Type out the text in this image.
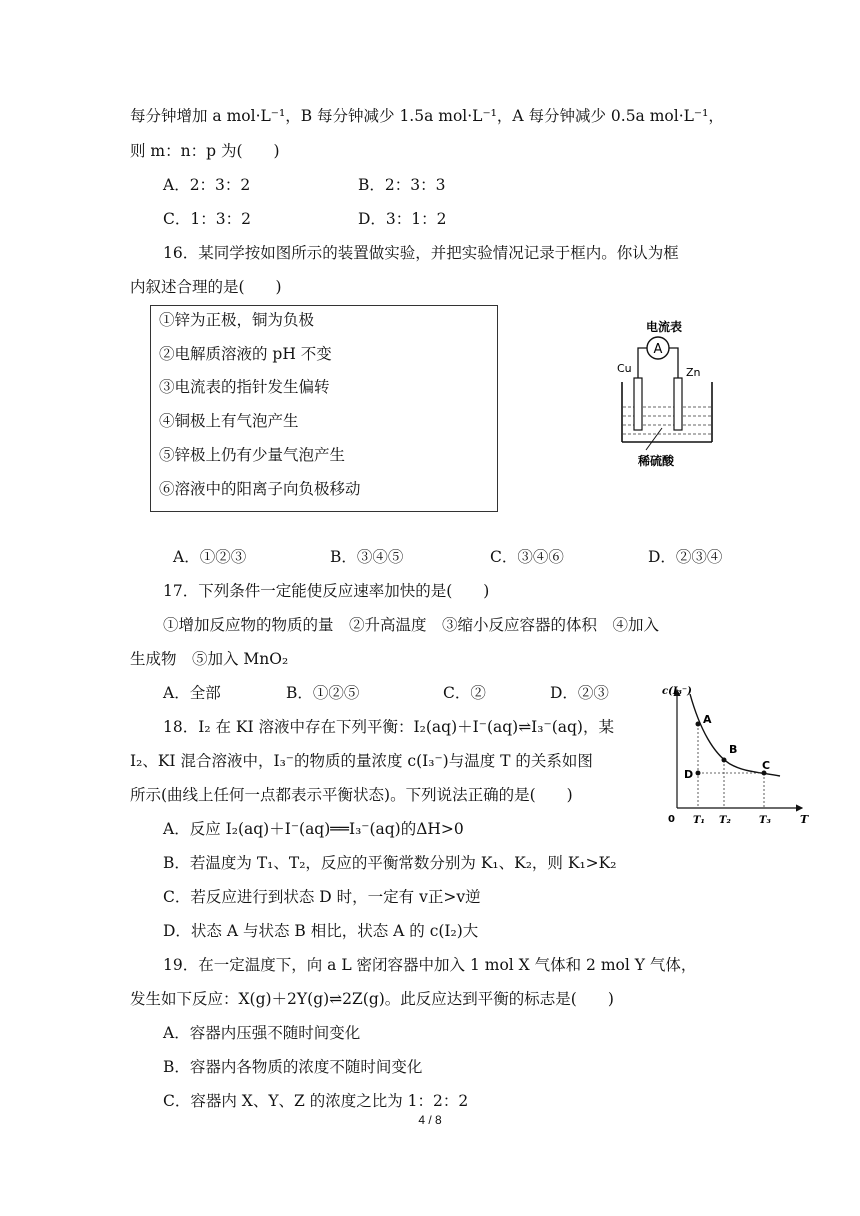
每分钟增加 a mol·L⁻¹，B 每分钟减少 1.5a mol·L⁻¹，A 每分钟减少 0.5a mol·L⁻¹，
则 m：n：p 为(　　)
A．2：3：2	B．2：3：3
C．1：3：2	D．3：1：2
16．某同学按如图所示的装置做实验，并把实验情况记录于框内。你认为框
内叙述合理的是(　　)
①锌为正极，铜为负极
②电解质溶液的 pH 不变
③电流表的指针发生偏转
④铜极上有气泡产生
⑤锌极上仍有少量气泡产生
⑥溶液中的阳离子向负极移动
电流表
A
Cu	Zn
稀硫酸
A．①②③	B．③④⑤	C．③④⑥	D．②③④
17．下列条件一定能使反应速率加快的是(　　)
①增加反应物的物质的量　②升高温度　③缩小反应容器的体积　④加入
生成物　⑤加入 MnO₂
A．全部	B．①②⑤	C．②	D．②③
18．I₂ 在 KI 溶液中存在下列平衡：I₂(aq)＋I⁻(aq)⇌I₃⁻(aq)，某
I₂、KI 混合溶液中，I₃⁻的物质的量浓度 c(I₃⁻)与温度 T 的关系如图
所示(曲线上任何一点都表示平衡状态)。下列说法正确的是(　　)
A．反应 I₂(aq)＋I⁻(aq)══I₃⁻(aq)的ΔH>0
B．若温度为 T₁、T₂，反应的平衡常数分别为 K₁、K₂，则 K₁>K₂
C．若反应进行到状态 D 时，一定有 v正>v逆
D．状态 A 与状态 B 相比，状态 A 的 c(I₂)大
c(I₃⁻)
T
0
A
B
C
D
T₁ T₂	T₃
19．在一定温度下，向 a L 密闭容器中加入 1 mol X 气体和 2 mol Y 气体，
发生如下反应：X(g)＋2Y(g)⇌2Z(g)。此反应达到平衡的标志是(　　)
A．容器内压强不随时间变化
B．容器内各物质的浓度不随时间变化
C．容器内 X、Y、Z 的浓度之比为 1：2：2
4 / 8
